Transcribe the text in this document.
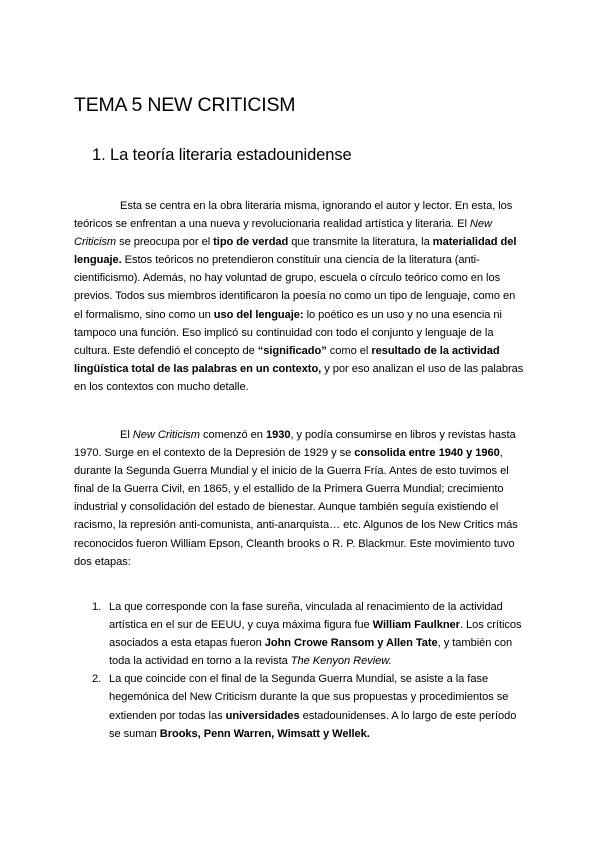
TEMA 5 NEW CRITICISM
1. La teoría literaria estadounidense

Esta se centra en la obra literaria misma, ignorando el autor y lector. En esta, los teóricos se enfrentan a una nueva y revolucionaria realidad artística y literaria. El New Criticism se preocupa por el tipo de verdad que transmite la literatura, la materialidad del lenguaje. Estos teóricos no pretendieron constituir una ciencia de la literatura (anti-cientificismo). Además, no hay voluntad de grupo, escuela o círculo teórico como en los previos. Todos sus miembros identificaron la poesía no como un tipo de lenguaje, como en el formalismo, sino como un uso del lenguaje: lo poético es un uso y no una esencia ni tampoco una función. Eso implicó su continuidad con todo el conjunto y lenguaje de la cultura. Este defendió el concepto de “significado” como el resultado de la actividad lingüística total de las palabras en un contexto, y por eso analizan el uso de las palabras en los contextos con mucho detalle.

El New Criticism comenzó en 1930, y podía consumirse en libros y revistas hasta 1970. Surge en el contexto de la Depresión de 1929 y se consolida entre 1940 y 1960, durante la Segunda Guerra Mundial y el inicio de la Guerra Fría. Antes de esto tuvimos el final de la Guerra Civil, en 1865, y el estallido de la Primera Guerra Mundial; crecimiento industrial y consolidación del estado de bienestar. Aunque también seguía existiendo el racismo, la represión anti-comunista, anti-anarquista… etc. Algunos de los New Critics más reconocidos fueron William Epson, Cleanth brooks o R. P. Blackmur. Este movimiento tuvo dos etapas:

1. La que corresponde con la fase sureña, vinculada al renacimiento de la actividad artística en el sur de EEUU, y cuya máxima figura fue William Faulkner. Los críticos asociados a esta etapas fueron John Crowe Ransom y Allen Tate, y también con toda la actividad en torno a la revista The Kenyon Review.
2. La que coincide con el final de la Segunda Guerra Mundial, se asiste a la fase hegemónica del New Criticism durante la que sus propuestas y procedimientos se extienden por todas las universidades estadounidenses. A lo largo de este período se suman Brooks, Penn Warren, Wimsatt y Wellek.
